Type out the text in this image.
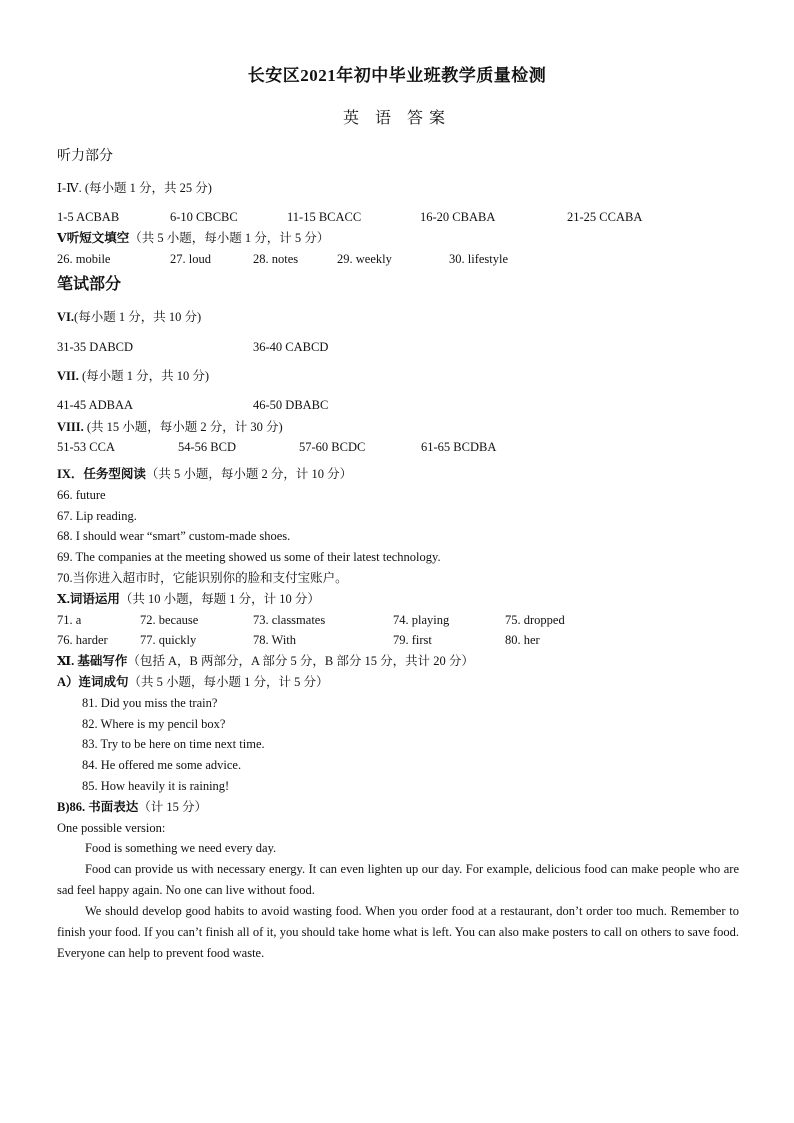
长安区2021年初中毕业班教学质量检测
英 语 答案
听力部分
Ⅰ-Ⅳ. (每小题 1 分，共 25 分)
1-5 ACBAB	6-10 CBCBC	11-15 BCACC	16-20 CBABA	21-25 CCABA
Ⅴ听短文填空（共 5 小题，每小题 1 分，计 5 分）
26. mobile	27. loud	28. notes	29. weekly	30. lifestyle
笔试部分
VI.(每小题 1 分，共 10 分)
31-35 DABCD	36-40 CABCD
VII. (每小题 1 分，共 10 分)
41-45 ADBAA	46-50 DBABC
VIII. (共 15 小题，每小题 2 分，计 30 分)
51-53 CCA	54-56 BCD	57-60 BCDC	61-65 BCDBA
IX．任务型阅读（共 5 小题，每小题 2 分，计 10 分）
66. future
67. Lip reading.
68. I should wear “smart” custom-made shoes.
69. The companies at the meeting showed us some of their latest technology.
70.当你进入超市时，它能识别你的脸和支付宝账户。
Ⅹ.词语运用（共 10 小题，每题 1 分，计 10 分）
71. a	72. because	73. classmates	74. playing	75. dropped
76. harder	77. quickly	78. With	79. first	80. her
Ⅺ. 基础写作（包括 A，B 两部分，A 部分 5 分，B 部分 15 分，共计 20 分）
A）连词成句（共 5 小题，每小题 1 分，计 5 分）
81. Did you miss the train?
82. Where is my pencil box?
83. Try to be here on time next time.
84. He offered me some advice.
85. How heavily it is raining!
B)86. 书面表达（计 15 分）
One possible version:
Food is something we need every day.
Food can provide us with necessary energy. It can even lighten up our day. For example, delicious food can make people who are sad feel happy again. No one can live without food.
We should develop good habits to avoid wasting food. When you order food at a restaurant, don’t order too much. Remember to finish your food. If you can’t finish all of it, you should take home what is left. You can also make posters to call on others to save food. Everyone can help to prevent food waste.
